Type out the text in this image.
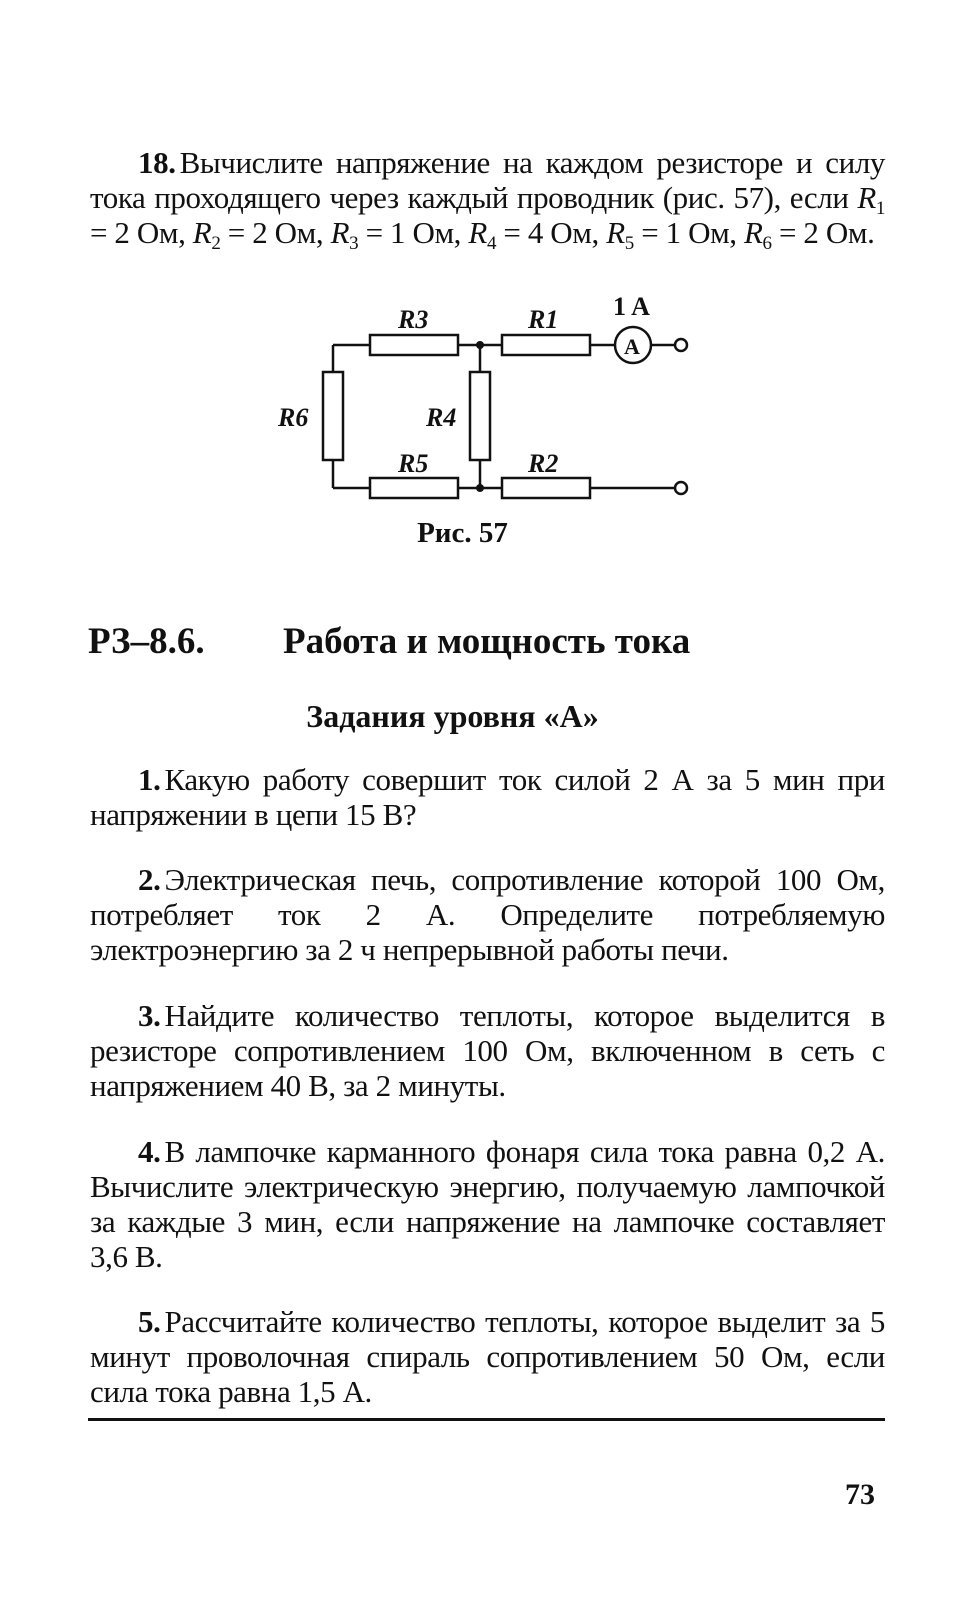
18. Вычислите напряжение на каждом резисторе и силу тока проходящего через каждый проводник (рис. 57), если $R_1 = 2$ Ом, $R_2 = 2$ Ом, $R_3 = 1$ Ом, $R_4 = 4$ Ом, $R_5 = 1$ Ом, $R_6 = 2$ Ом.

R3	R1 1 A
A
R6	R4
R5	R2
Рис. 57
РЗ–8.6. Работа и мощность тока
Задания уровня «А»

1. Какую работу совершит ток силой 2 А за 5 мин при напряжении в цепи 15 В?

2. Электрическая печь, сопротивление которой 100 Ом, потребляет ток 2 А. Определите потребляемую электроэнергию за 2 ч непрерывной работы печи.

3. Найдите количество теплоты, которое выделится в резисторе сопротивлением 100 Ом, включенном в сеть с напряжением 40 В, за 2 минуты.

4. В лампочке карманного фонаря сила тока равна 0,2 А. Вычислите электрическую энергию, получаемую лампочкой за каждые 3 мин, если напряжение на лампочке составляет 3,6 В.

5. Рассчитайте количество теплоты, которое выделит за 5 минут проволочная спираль сопротивлением 50 Ом, если сила тока равна 1,5 А.

73
